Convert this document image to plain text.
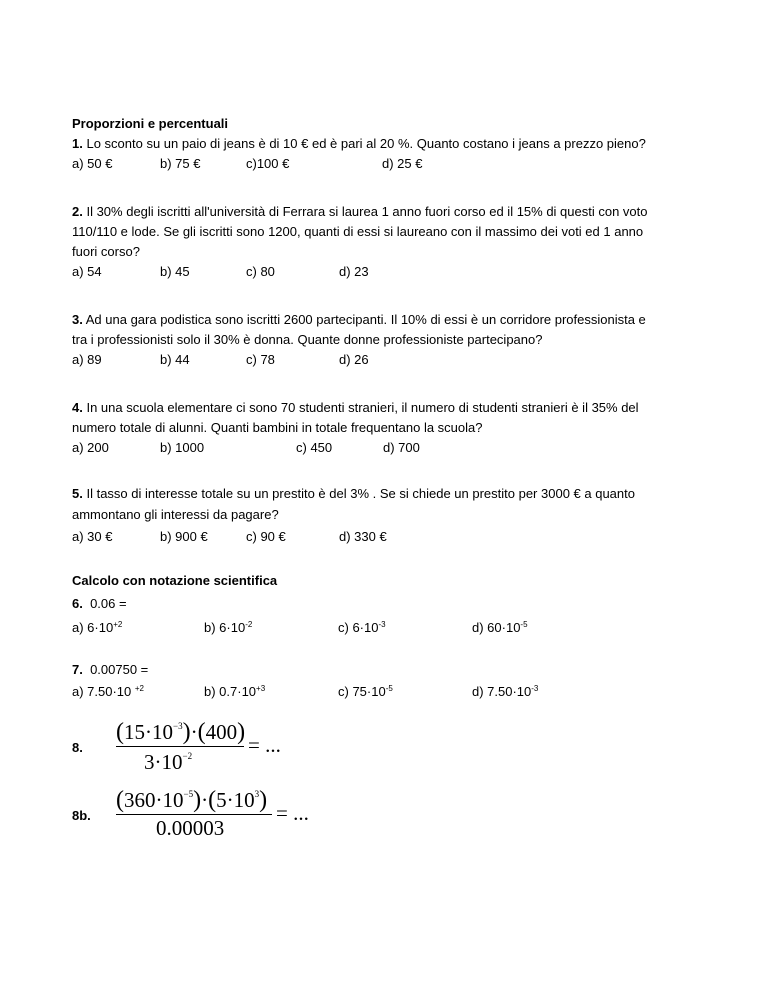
Proporzioni e percentuali
1. Lo sconto su un paio di jeans è di 10 € ed è pari al 20 %. Quanto costano i jeans a prezzo pieno?
a) 50 €	b) 75 €	c)100 €	d) 25 €
2. Il 30% degli iscritti all'università di Ferrara si laurea 1 anno fuori corso ed il 15% di questi con voto
110/110 e lode. Se gli iscritti sono 1200, quanti di essi si laureano con il massimo dei voti ed 1 anno
fuori corso?
a) 54	b) 45	c) 80	d) 23
3. Ad una gara podistica sono iscritti 2600 partecipanti. Il 10% di essi è un corridore professionista e
tra i professionisti solo il 30% è donna. Quante donne professioniste partecipano?
a) 89	b) 44	c) 78	d) 26
4. In una scuola elementare ci sono 70 studenti stranieri, il numero di studenti stranieri è il 35% del
numero totale di alunni. Quanti bambini in totale frequentano la scuola?
a) 200	b) 1000	c) 450	d) 700
5. Il tasso di interesse totale su un prestito è del 3% . Se si chiede un prestito per 3000 € a quanto
ammontano gli interessi da pagare?
a) 30 €	b) 900 €	c) 90 €	d) 330 €
Calcolo con notazione scientifica
6. 0.06 =
a) $6\cdot 10^{+2}$	b) $6\cdot 10^{-2}$	c) $6\cdot 10^{-3}$	d) $60\cdot 10^{-5}$
7. 0.00750 =
a) 7.50·10 $^{+2}$	b) $0.7\cdot 10^{+3}$	c) $75\cdot 10^{-5}$	d) $7.50\cdot 10^{-3}$
8.
$(15\cdot 10^{-3})\cdot(400)$
$3\cdot 10^{-2}$	= ...
8b.
$(360\cdot 10^{-5})\cdot(5\cdot 10^3)$
0.00003
= ...
